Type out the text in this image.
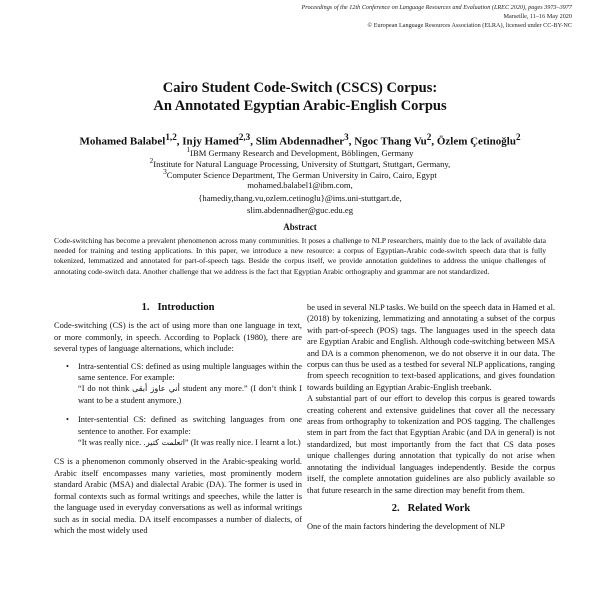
Proceedings of the 12th Conference on Language Resources and Evaluation (LREC 2020), pages 3973–3977
Marseille, 11–16 May 2020
© European Language Resources Association (ELRA), licensed under CC-BY-NC
Cairo Student Code-Switch (CSCS) Corpus:
An Annotated Egyptian Arabic-English Corpus
Mohamed Balabel$^{1,2}$, Injy Hamed$^{2,3}$, Slim Abdennadher$^3$, Ngoc Thang Vu$^2$, Özlem Çetinoğlu$^2$
$^1$IBM Germany Research and Development, Böblingen, Germany
$^2$Institute for Natural Language Processing, University of Stuttgart, Stuttgart, Germany,
$^3$Computer Science Department, The German University in Cairo, Cairo, Egypt
mohamed.balabel1@ibm.com,
{hamediy,thang.vu,ozlem.cetinoglu}@ims.uni-stuttgart.de,
slim.abdennadher@guc.edu.eg
Abstract

Code-switching has become a prevalent phenomenon across many communities. It poses a challenge to NLP researchers, mainly due to the lack of available data needed for training and testing applications. In this paper, we introduce a new resource: a corpus of Egyptian-Arabic code-switch speech data that is fully tokenized, lemmatized and annotated for part-of-speech tags. Beside the corpus itself, we provide annotation guidelines to address the unique challenges of annotating code-switch data. Another challenge that we address is the fact that Egyptian Arabic orthography and grammar are not standardized.

1. Introduction

Code-switching (CS) is the act of using more than one language in text, or more commonly, in speech. According to Poplack (1980), there are several types of language alternations, which include:

• Intra-sentential CS: defined as using multiple languages within the same sentence. For example:
“I do not think أني عاوز أبقى student any more.” (I don’t think I want to be a student anymore.)
• Inter-sentential CS: defined as switching languages from one sentence to another. For example:
“It was really nice. اتعلمت كتير.” (It was really nice. I learnt a lot.)

CS is a phenomenon commonly observed in the Arabic-speaking world. Arabic itself encompasses many varieties, most prominently modern standard Arabic (MSA) and dialectal Arabic (DA). The former is used in formal contexts such as formal writings and speeches, while the latter is the language used in everyday conversations as well as informal writings such as in social media. DA itself encompasses a number of dialects, of which the most widely used

be used in several NLP tasks. We build on the speech data in Hamed et al. (2018) by tokenizing, lemmatizing and annotating a subset of the corpus with part-of-speech (POS) tags. The languages used in the speech data are Egyptian Arabic and English. Although code-switching between MSA and DA is a common phenomenon, we do not observe it in our data. The corpus can thus be used as a testbed for several NLP applications, ranging from speech recognition to text-based applications, and gives foundation towards building an Egyptian Arabic-English treebank.

A substantial part of our effort to develop this corpus is geared towards creating coherent and extensive guidelines that cover all the necessary areas from orthography to tokenization and POS tagging. The challenges stem in part from the fact that Egyptian Arabic (and DA in general) is not standardized, but most importantly from the fact that CS data poses unique challenges during annotation that typically do not arise when annotating the individual languages independently. Beside the corpus itself, the complete annotation guidelines are also publicly available so that future research in the same direction may benefit from them.

2. Related Work

One of the main factors hindering the development of NLP
